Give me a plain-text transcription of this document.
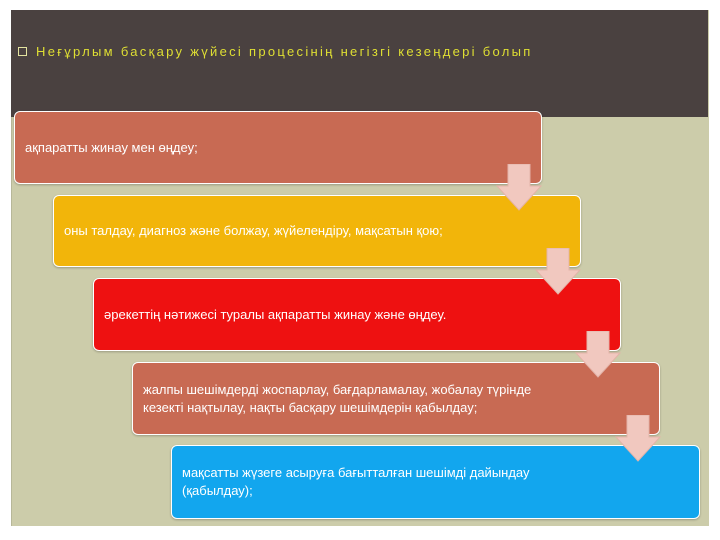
Неғұрлым басқару жүйесі процесінің негізгі кезеңдері болып
ақпаратты жинау мен өңдеу;
оны талдау, диагноз және болжау, жүйелендіру, мақсатын қою;
әрекеттің нәтижесі туралы ақпаратты жинау және өңдеу.
жалпы шешімдерді жоспарлау, бағдарламалау, жобалау түрінде кезекті нақтылау, нақты басқару шешімдерін қабылдау;
мақсатты жүзеге асыруға бағытталған шешімді дайындау (қабылдау);
